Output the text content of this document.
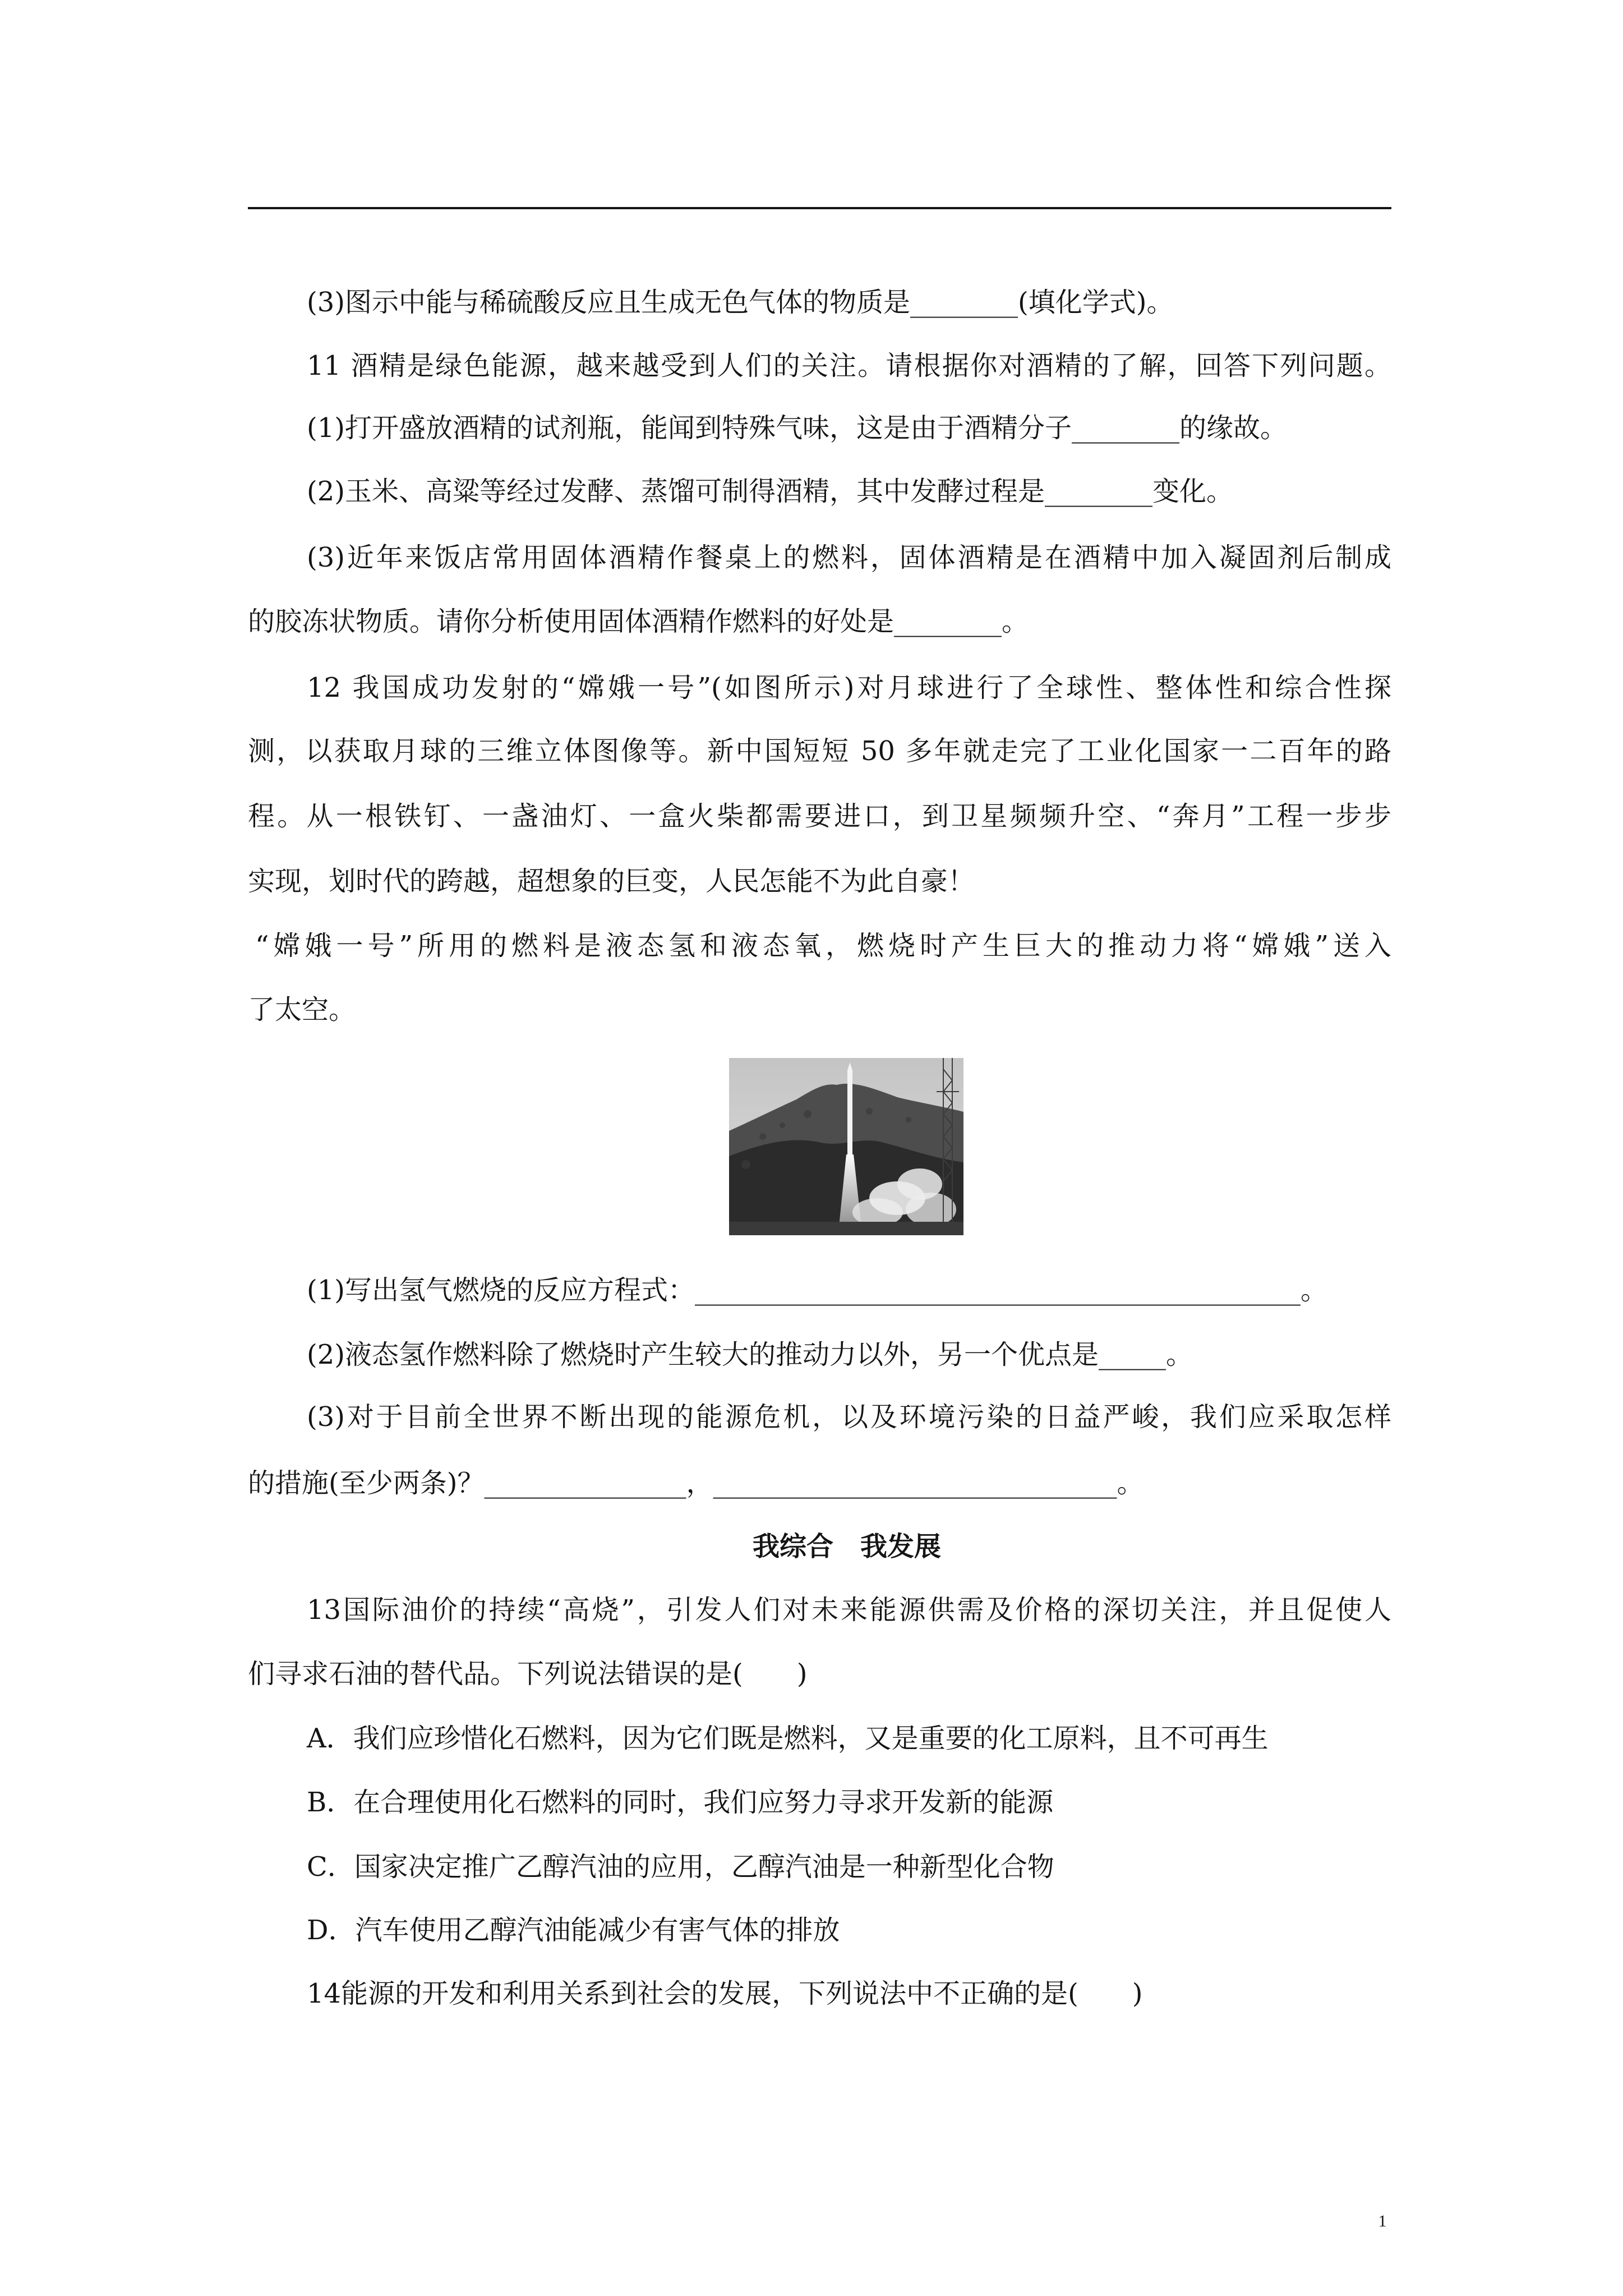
(3)图示中能与稀硫酸反应且生成无色气体的物质是________(填化学式)。
11 酒精是绿色能源，越来越受到人们的关注。请根据你对酒精的了解，回答下列问题。
(1)打开盛放酒精的试剂瓶，能闻到特殊气味，这是由于酒精分子________的缘故。
(2)玉米、高粱等经过发酵、蒸馏可制得酒精，其中发酵过程是________变化。
(3)近年来饭店常用固体酒精作餐桌上的燃料，固体酒精是在酒精中加入凝固剂后制成
的胶冻状物质。请你分析使用固体酒精作燃料的好处是________。
12 我国成功发射的“嫦娥一号”(如图所示)对月球进行了全球性、整体性和综合性探
测，以获取月球的三维立体图像等。新中国短短 50 多年就走完了工业化国家一二百年的路
程。从一根铁钉、一盏油灯、一盒火柴都需要进口，到卫星频频升空、“奔月”工程一步步
实现，划时代的跨越，超想象的巨变，人民怎能不为此自豪！
“嫦娥一号”所用的燃料是液态氢和液态氧，燃烧时产生巨大的推动力将“嫦娥”送入
了太空。
(1)写出氢气燃烧的反应方程式：_____________________________________________。
(2)液态氢作燃料除了燃烧时产生较大的推动力以外，另一个优点是_____。
(3)对于目前全世界不断出现的能源危机，以及环境污染的日益严峻，我们应采取怎样
的措施(至少两条)？_______________，______________________________。
我综合　我发展
13国际油价的持续“高烧”，引发人们对未来能源供需及价格的深切关注，并且促使人
们寻求石油的替代品。下列说法错误的是(　　)
A．我们应珍惜化石燃料，因为它们既是燃料，又是重要的化工原料，且不可再生
B．在合理使用化石燃料的同时，我们应努力寻求开发新的能源
C．国家决定推广乙醇汽油的应用，乙醇汽油是一种新型化合物
D．汽车使用乙醇汽油能减少有害气体的排放
14能源的开发和利用关系到社会的发展，下列说法中不正确的是(　　)
1
